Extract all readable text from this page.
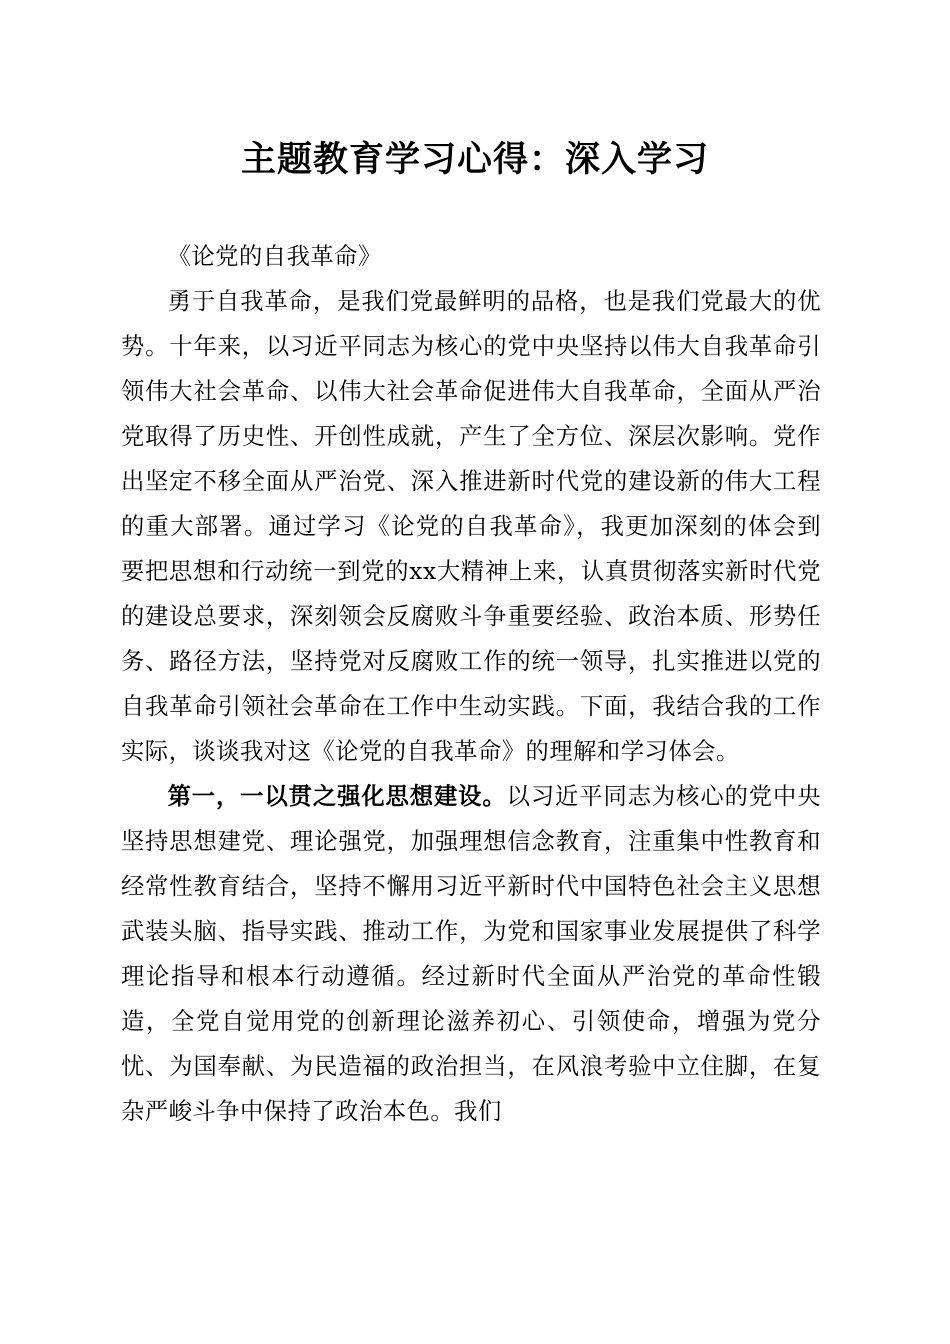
主题教育学习心得：深入学习

《论党的自我革命》

勇于自我革命，是我们党最鲜明的品格，也是我们党最大的优势。十年来，以习近平同志为核心的党中央坚持以伟大自我革命引领伟大社会革命、以伟大社会革命促进伟大自我革命，全面从严治党取得了历史性、开创性成就，产生了全方位、深层次影响。党作出坚定不移全面从严治党、深入推进新时代党的建设新的伟大工程的重大部署。通过学习《论党的自我革命》，我更加深刻的体会到要把思想和行动统一到党的xx大精神上来，认真贯彻落实新时代党的建设总要求，深刻领会反腐败斗争重要经验、政治本质、形势任务、路径方法，坚持党对反腐败工作的统一领导，扎实推进以党的自我革命引领社会革命在工作中生动实践。下面，我结合我的工作实际，谈谈我对这《论党的自我革命》的理解和学习体会。

第一，一以贯之强化思想建设。以习近平同志为核心的党中央坚持思想建党、理论强党，加强理想信念教育，注重集中性教育和经常性教育结合，坚持不懈用习近平新时代中国特色社会主义思想武装头脑、指导实践、推动工作，为党和国家事业发展提供了科学理论指导和根本行动遵循。经过新时代全面从严治党的革命性锻造，全党自觉用党的创新理论滋养初心、引领使命，增强为党分忧、为国奉献、为民造福的政治担当，在风浪考验中立住脚，在复杂严峻斗争中保持了政治本色。我们
